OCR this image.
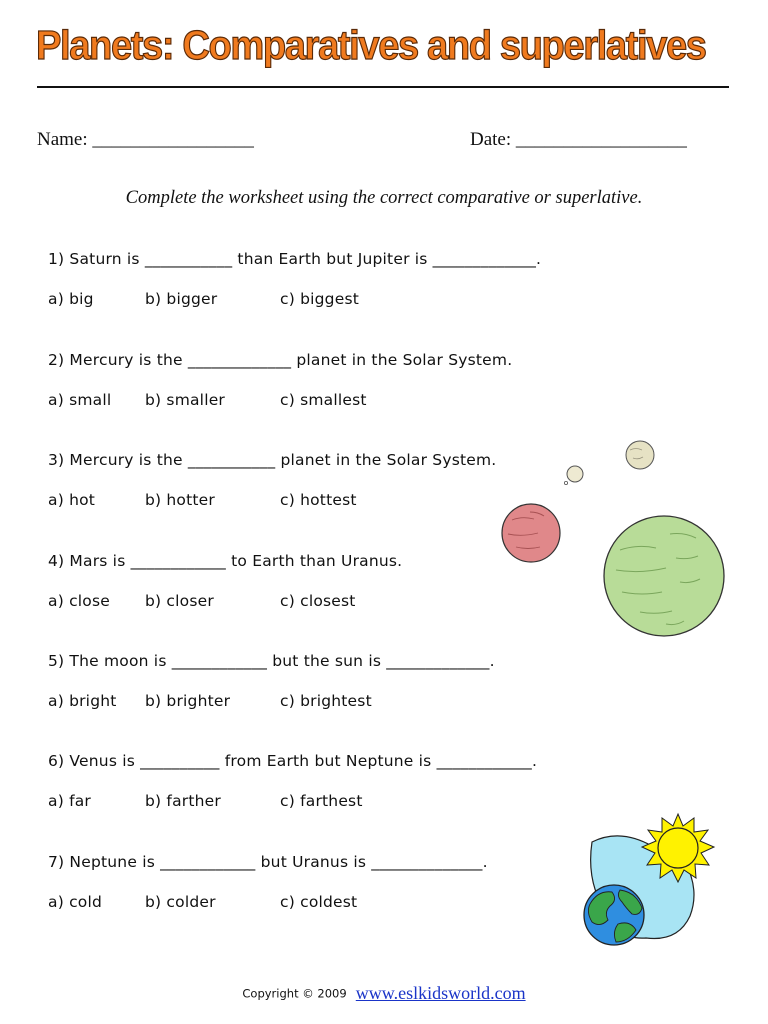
Planets: Comparatives and superlatives
Name: _________________	Date: __________________
Complete the worksheet using the correct comparative or superlative.
1) Saturn is ___________ than Earth but Jupiter is _____________.
a) big	b) bigger	c) biggest
2) Mercury is the _____________ planet in the Solar System.
a) small b) smaller	c) smallest
3) Mercury is the ___________ planet in the Solar System.
a) hot	b) hotter	c) hottest
4) Mars is ____________ to Earth than Uranus.
a) close b) closer	c) closest
5) The moon is ____________ but the sun is _____________.
a) bright b) brighter	c) brightest
6) Venus is __________ from Earth but Neptune is ____________.
a) far	b) farther	c) farthest
7) Neptune is ____________ but Uranus is ______________.
a) cold	b) colder	c) coldest
Copyright © 2009 www.eslkidsworld.com
